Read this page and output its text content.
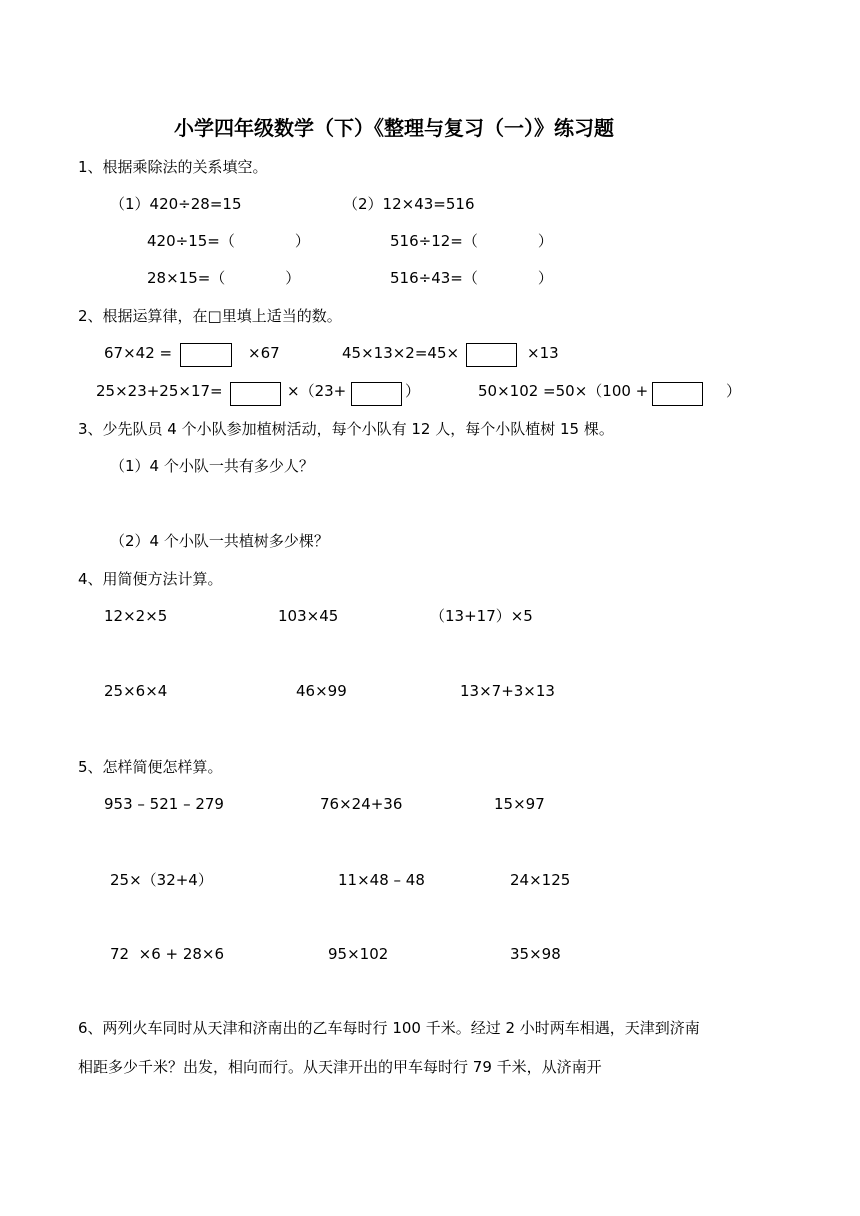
小学四年级数学（下）《整理与复习（一）》练习题
1、根据乘除法的关系填空。
（1）420÷28=15	（2）12×43=516
420÷15=（　　　　）	516÷12=（　　　　）
28×15=（　　　　）	516÷43=（　　　　）
2、根据运算律，在□里填上适当的数。
67×42 =	×67	45×13×2=45×	×13
25×23+25×17=	×（23+	）	50×102 =50×（100 +	）
3、少先队员 4 个小队参加植树活动，每个小队有 12 人，每个小队植树 15 棵。
（1）4 个小队一共有多少人？
（2）4 个小队一共植树多少棵？
4、用简便方法计算。
12×2×5	103×45	（13+17）×5
25×6×4	46×99	13×7+3×13
5、怎样简便怎样算。
953 – 521 – 279	76×24+36	15×97
25×（32+4）	11×48 – 48	24×125
72  ×6 + 28×6	95×102	35×98
6、两列火车同时从天津和济南出的乙车每时行 100 千米。经过 2 小时两车相遇，天津到济南
相距多少千米？出发，相向而行。从天津开出的甲车每时行 79 千米，从济南开
